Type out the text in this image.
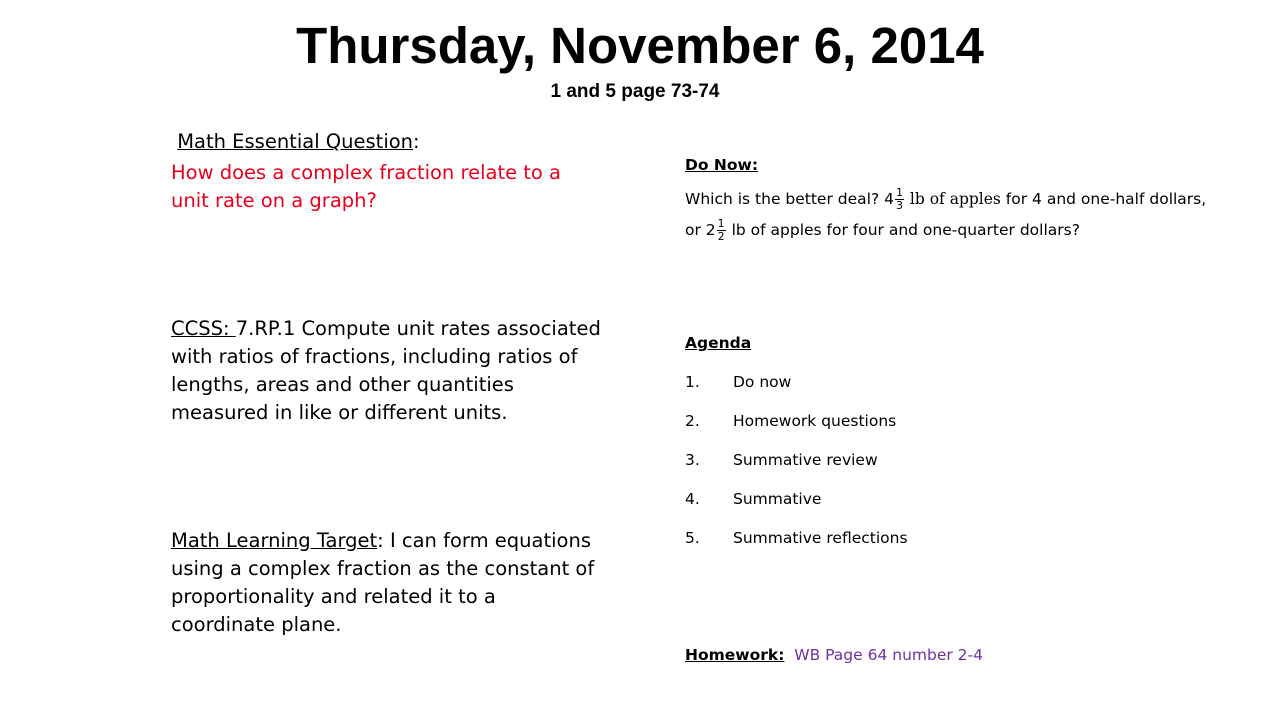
Thursday, November 6, 2014
1 and 5 page 73-74

Math Essential Question:

How does a complex fraction relate to a unit rate on a graph?

CCSS: 7.RP.1 Compute unit rates associated with ratios of fractions, including ratios of lengths, areas and other quantities measured in like or different units.

Math Learning Target: I can form equations using a complex fraction as the constant of proportionality and related it to a coordinate plane.

Do Now:

Which is the better deal? $4 \frac{1}{3}$ lb of apples for 4 and one-half dollars, or $2 \frac{1}{2}$ lb of apples for four and one-quarter dollars?

Agenda

1. Do now
2. Homework questions
3. Summative review
4. Summative
5. Summative reflections

Homework: WB Page 64 number 2-4
